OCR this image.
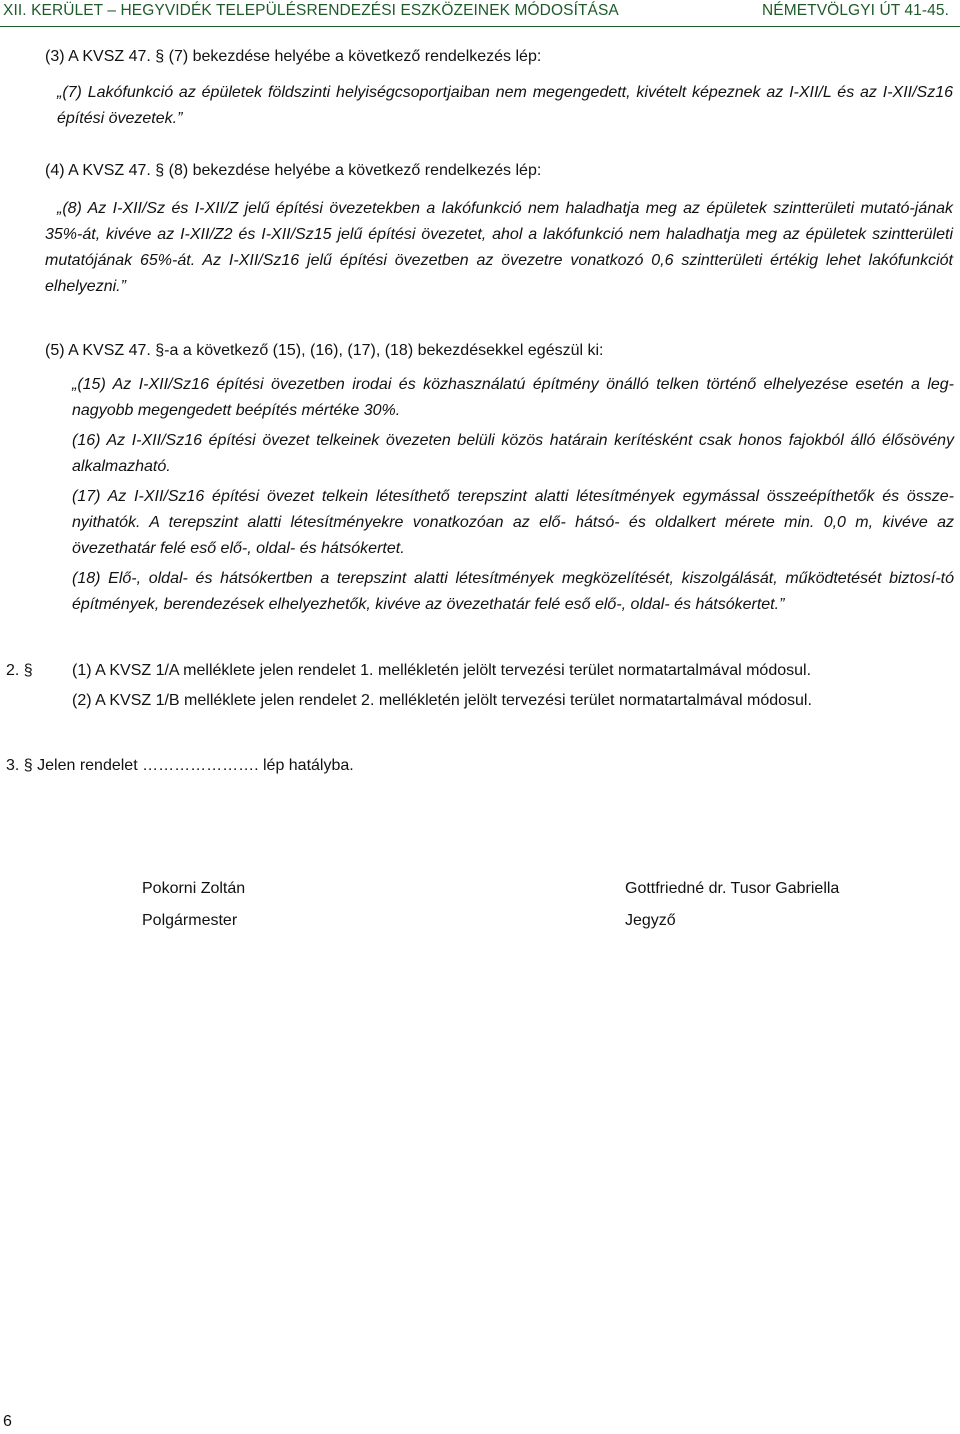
XII. KERÜLET – HEGYVIDÉK TELEPÜLÉSRENDEZÉSI ESZKÖZEINEK MÓDOSÍTÁSA	NÉMETVÖLGYI ÚT 41-45.
(3) A KVSZ 47. § (7) bekezdése helyébe a következő rendelkezés lép:
„(7) Lakófunkció az épületek földszinti helyiségcsoportjaiban nem megengedett, kivételt képeznek az I-XII/L és az I-XII/Sz16 építési övezetek.”
(4) A KVSZ 47. § (8) bekezdése helyébe a következő rendelkezés lép:
„(8) Az I-XII/Sz és I-XII/Z jelű építési övezetekben a lakófunkció nem haladhatja meg az épületek szintterületi mutató-jának 35%-át, kivéve az I-XII/Z2 és I-XII/Sz15 jelű építési övezetet, ahol a lakófunkció nem haladhatja meg az épületek szintterületi mutatójának 65%-át. Az I-XII/Sz16 jelű építési övezetben az övezetre vonatkozó 0,6 szintterületi értékig lehet lakófunkciót elhelyezni.”
(5) A KVSZ 47. §-a a következő (15), (16), (17), (18) bekezdésekkel egészül ki:
„(15) Az I-XII/Sz16 építési övezetben irodai és közhasználatú építmény önálló telken történő elhelyezése esetén a leg-nagyobb megengedett beépítés mértéke 30%.
(16) Az I-XII/Sz16 építési övezet telkeinek övezeten belüli közös határain kerítésként csak honos fajokból álló élősövény alkalmazható.
(17) Az I-XII/Sz16 építési övezet telkein létesíthető terepszint alatti létesítmények egymással összeépíthetők és össze-nyithatók. A terepszint alatti létesítményekre vonatkozóan az elő- hátsó- és oldalkert mérete min. 0,0 m, kivéve az övezethatár felé eső elő-, oldal- és hátsókertet.
(18) Elő-, oldal- és hátsókertben a terepszint alatti létesítmények megközelítését, kiszolgálását, működtetését biztosí-tó építmények, berendezések elhelyezhetők, kivéve az övezethatár felé eső elő-, oldal- és hátsókertet.”
2. § (1) A KVSZ 1/A melléklete jelen rendelet 1. mellékletén jelölt tervezési terület normatartalmával módosul.
(2) A KVSZ 1/B melléklete jelen rendelet 2. mellékletén jelölt tervezési terület normatartalmával módosul.
3. § Jelen rendelet …………………. lép hatályba.
Pokorni Zoltán
Polgármester
Gottfriedné dr. Tusor Gabriella
Jegyző
6
